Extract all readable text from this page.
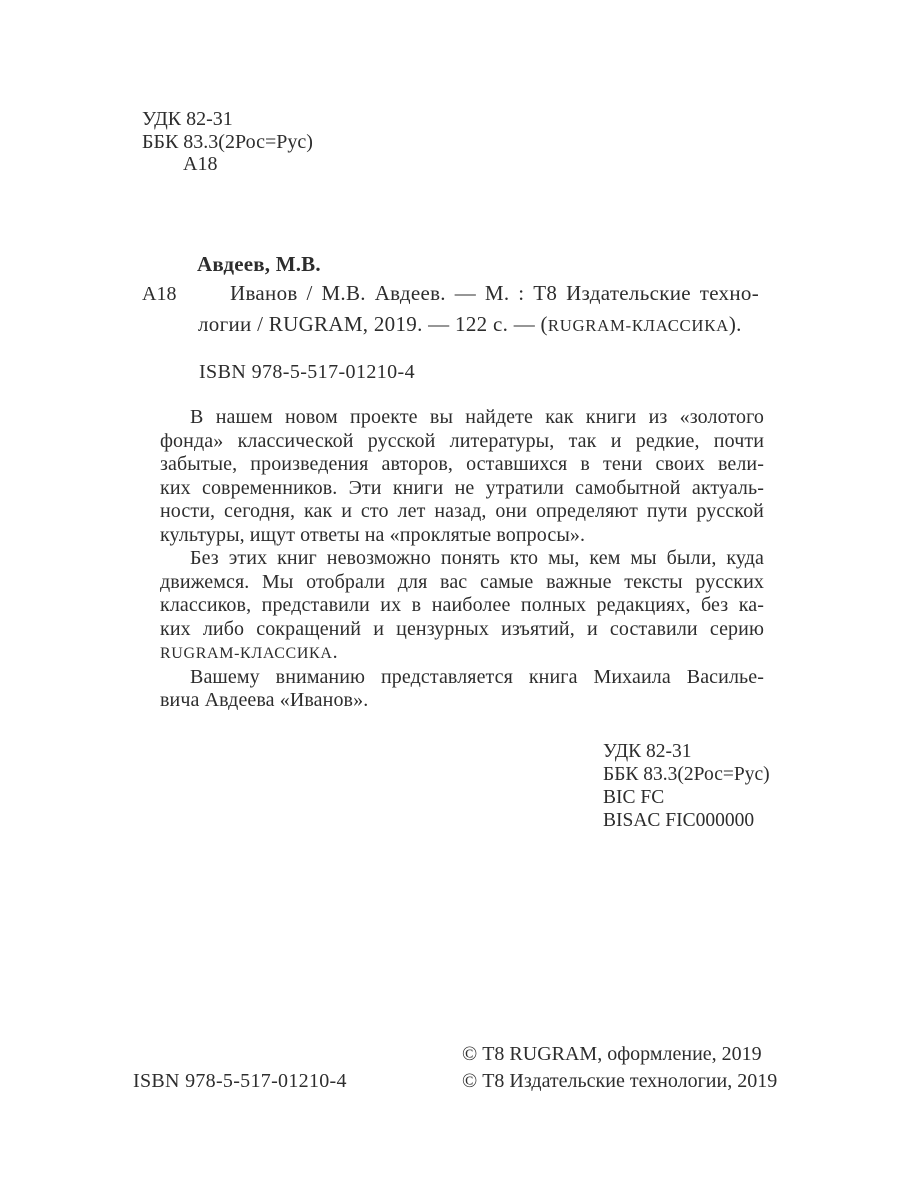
УДК 82-31
ББК 83.3(2Рос=Рус)
А18
Авдеев, М.В.
А18	Иванов / М.В. Авдеев. — М. : Т8 Издательские техно-
логии / RUGRAM, 2019. — 122 с. — (RUGRAM-КЛАССИКА).
ISBN 978-5-517-01210-4
В нашем новом проекте вы найдете как книги из «золотого
фонда» классической русской литературы, так и редкие, почти
забытые, произведения авторов, оставшихся в тени своих вели-
ких современников. Эти книги не утратили самобытной актуаль-
ности, сегодня, как и сто лет назад, они определяют пути русской
культуры, ищут ответы на «проклятые вопросы».
Без этих книг невозможно понять кто мы, кем мы были, куда
движемся. Мы отобрали для вас самые важные тексты русских
классиков, представили их в наиболее полных редакциях, без ка-
ких либо сокращений и цензурных изъятий, и составили серию
RUGRAM-КЛАССИКА.
Вашему вниманию представляется книга Михаила Василье-
вича Авдеева «Иванов».
УДК 82-31
ББК 83.3(2Рос=Рус)
BIC FC
BISAC FIC000000
ISBN 978-5-517-01210-4
© Т8 RUGRAM, оформление, 2019
© Т8 Издательские технологии, 2019
